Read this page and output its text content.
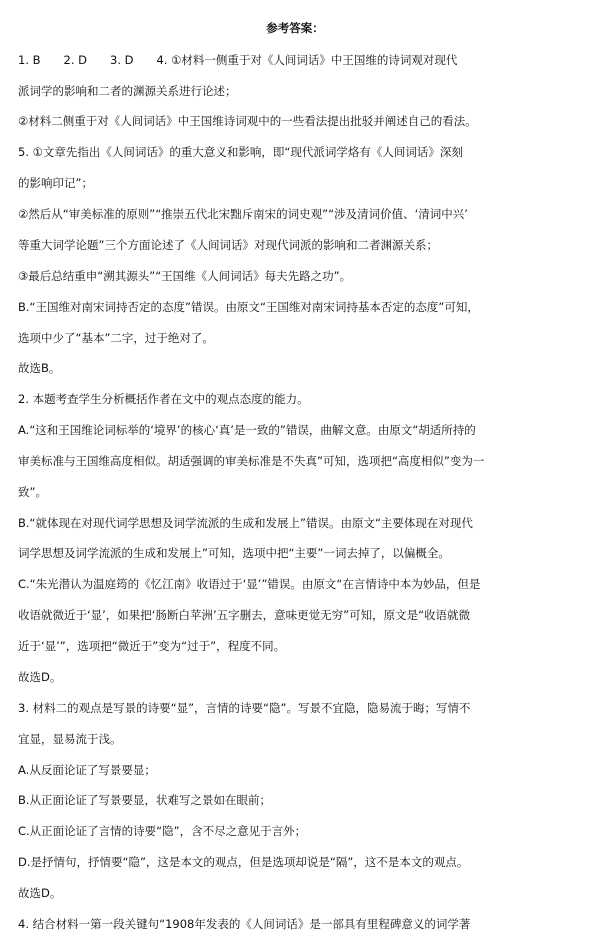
参考答案：
1. B　　2. D　　3. D　　4. ①材料一侧重于对《人间词话》中王国维的诗词观对现代
派词学的影响和二者的渊源关系进行论述；
②材料二侧重于对《人间词话》中王国维诗词观中的一些看法提出批驳并阐述自己的看法。
5. ①文章先指出《人间词话》的重大意义和影响，即“现代派词学烙有《人间词话》深刻
的影响印记”；
②然后从“审美标准的原则”“推崇五代北宋黜斥南宋的词史观”“涉及清词价值、‘清词中兴’
等重大词学论题”三个方面论述了《人间词话》对现代词派的影响和二者渊源关系；
③最后总结重申“溯其源头”“王国维《人间词话》每夫先路之功”。
B.“王国维对南宋词持否定的态度”错误。由原文“王国维对南宋词持基本否定的态度”可知，
选项中少了“基本”二字，过于绝对了。
故选B。
2. 本题考查学生分析概括作者在文中的观点态度的能力。
A.“这和王国维论词标举的‘境界’的核心‘真’是一致的”错误，曲解文意。由原文“胡适所持的
审美标准与王国维高度相似。胡适强调的审美标准是不失真”可知，选项把“高度相似”变为一
致”。
B.“就体现在对现代词学思想及词学流派的生成和发展上”错误。由原文“主要体现在对现代
词学思想及词学流派的生成和发展上”可知，选项中把“主要”一词去掉了，以偏概全。
C.“朱光潜认为温庭筠的《忆江南》收语过于‘显’”错误。由原文“在言情诗中本为妙品，但是
收语就微近于‘显’，如果把‘肠断白苹洲’五字删去，意味更觉无穷”可知，原文是“收语就微
近于‘显’”，选项把“微近于”变为“过于”，程度不同。
故选D。
3. 材料二的观点是写景的诗要“显”，言情的诗要“隐”。写景不宜隐，隐易流于晦；写情不
宜显，显易流于浅。
A.从反面论证了写景要显；
B.从正面论证了写景要显，状难写之景如在眼前；
C.从正面论证了言情的诗要“隐”，含不尽之意见于言外；
D.是抒情句，抒情要“隐”，这是本文的观点，但是选项却说是“隔”，这不是本文的观点。
故选D。
4. 结合材料一第一段关键句“1908年发表的《人间词话》是一部具有里程碑意义的词学著
